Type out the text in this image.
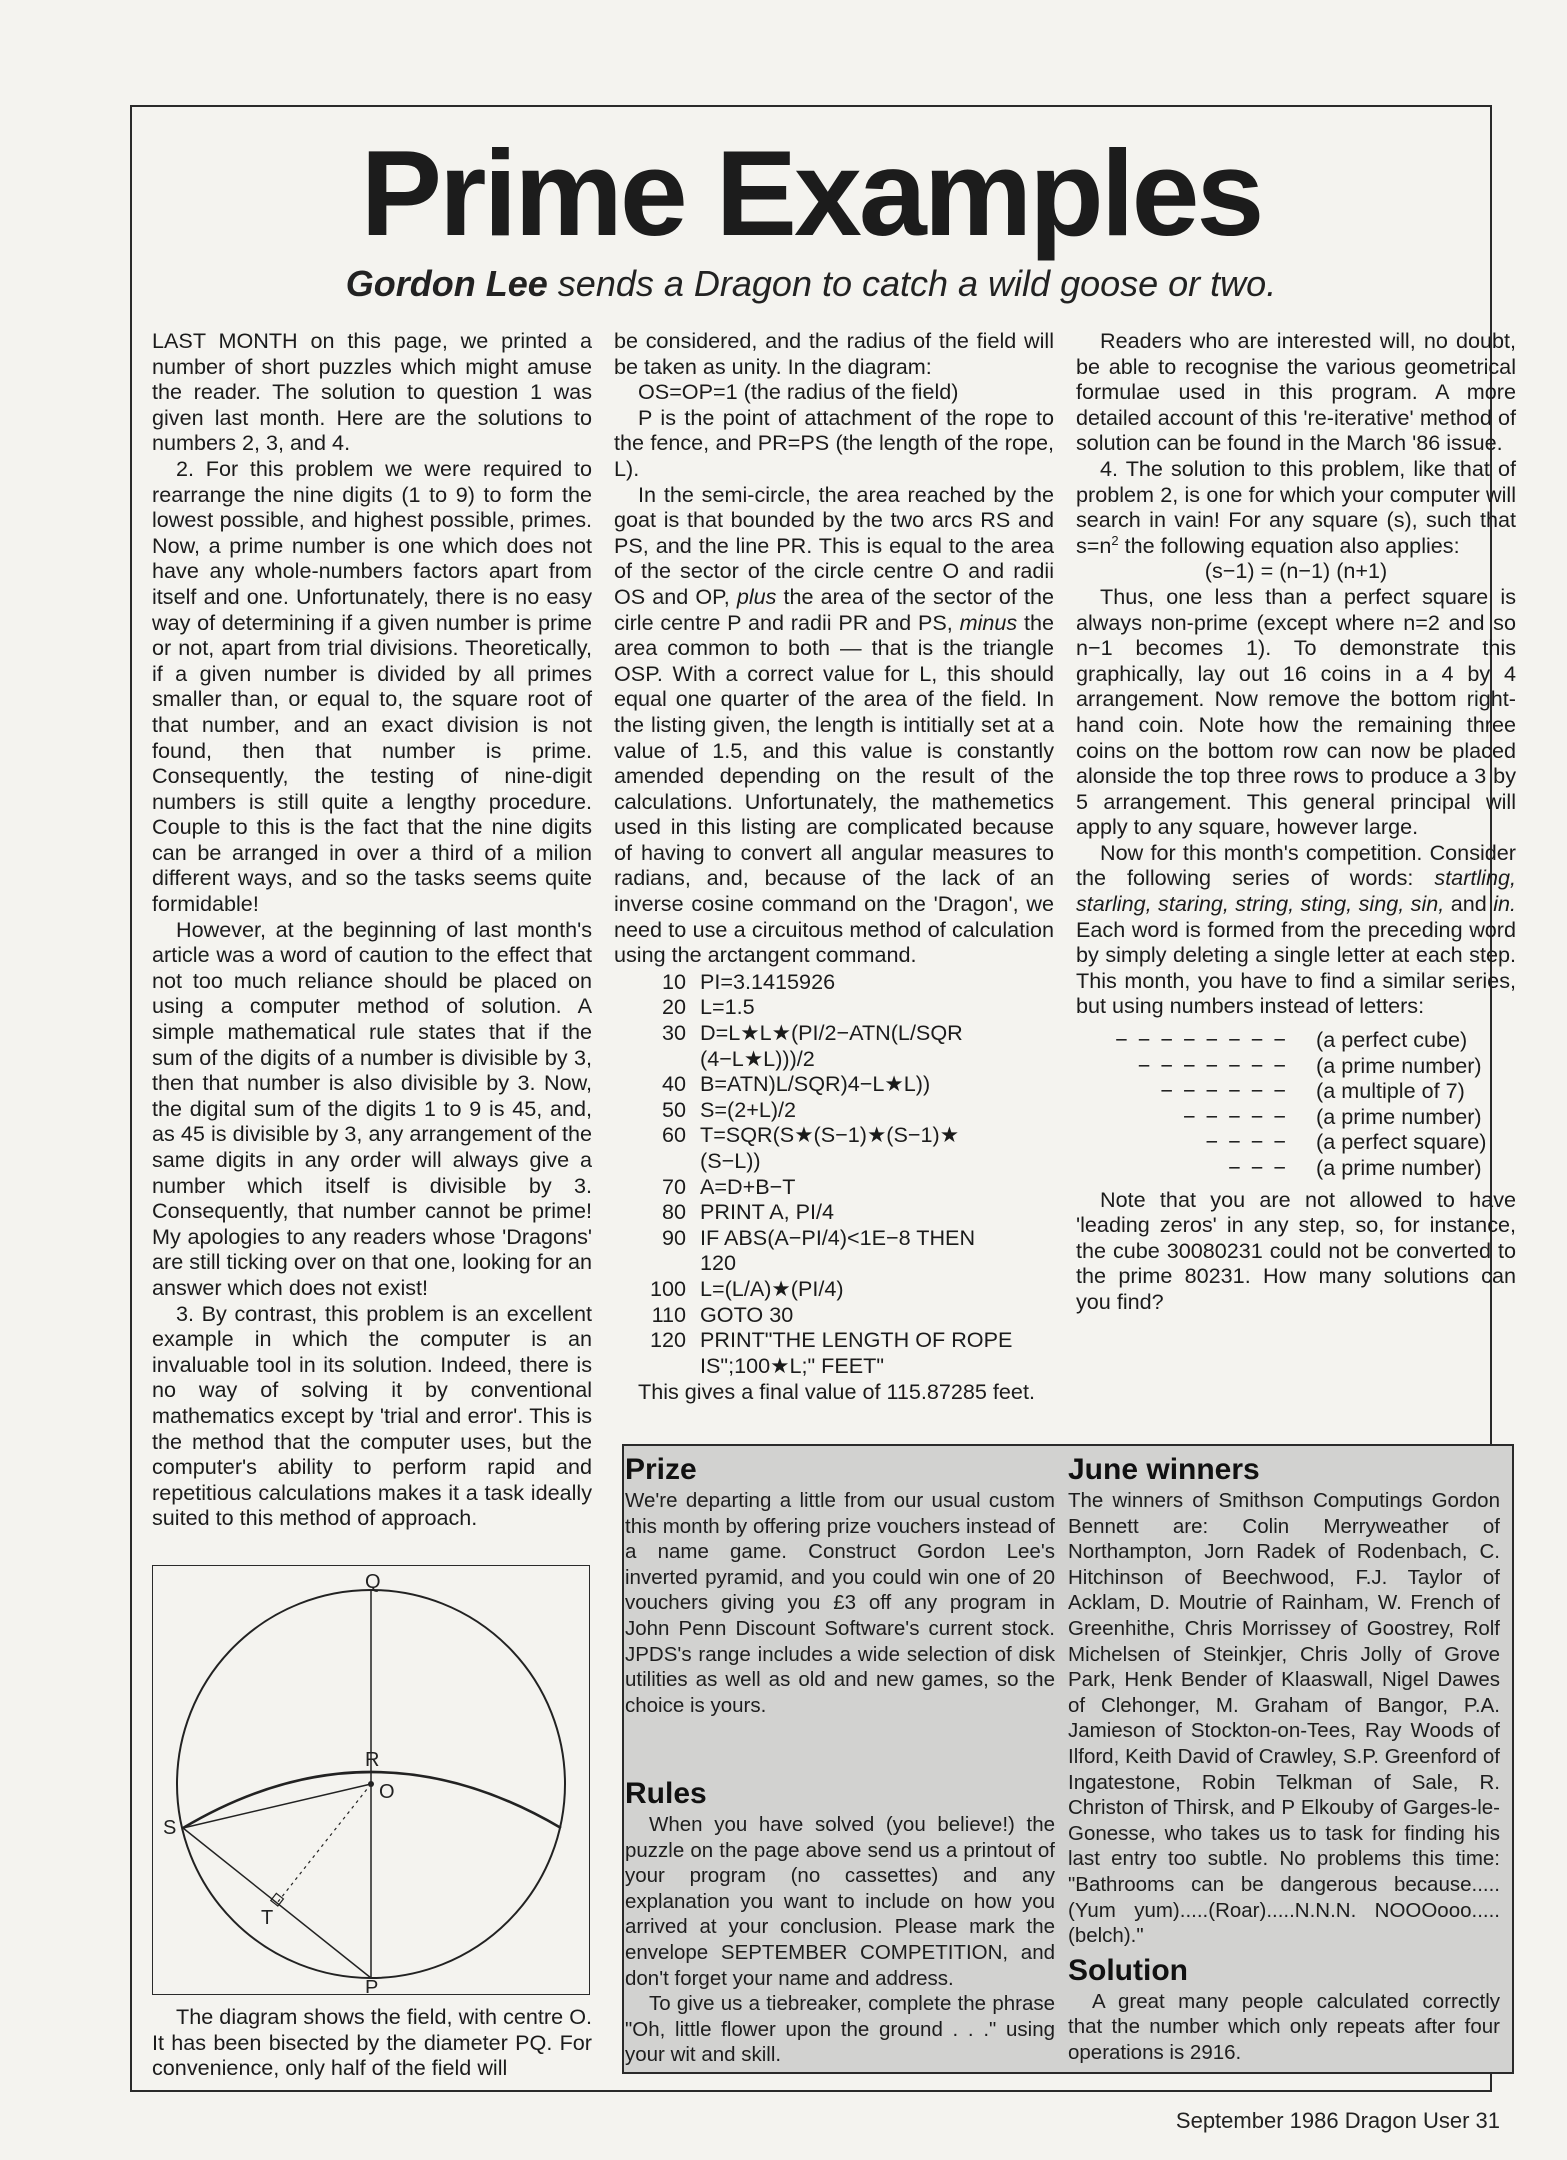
Prime Examples
Gordon Lee sends a Dragon to catch a wild goose or two.

LAST MONTH on this page, we printed a number of short puzzles which might amuse the reader. The solution to question 1 was given last month. Here are the solutions to numbers 2, 3, and 4.

2. For this problem we were required to rearrange the nine digits (1 to 9) to form the lowest possible, and highest possible, primes. Now, a prime number is one which does not have any whole-numbers factors apart from itself and one. Unfortunately, there is no easy way of determining if a given number is prime or not, apart from trial divisions. Theoretically, if a given number is divided by all primes smaller than, or equal to, the square root of that number, and an exact division is not found, then that number is prime. Consequently, the testing of nine-digit numbers is still quite a lengthy procedure. Couple to this is the fact that the nine digits can be arranged in over a third of a milion different ways, and so the tasks seems quite formidable!

However, at the beginning of last month's article was a word of caution to the effect that not too much reliance should be placed on using a computer method of solution. A simple mathematical rule states that if the sum of the digits of a number is divisible by 3, then that number is also divisible by 3. Now, the digital sum of the digits 1 to 9 is 45, and, as 45 is divisible by 3, any arrangement of the same digits in any order will always give a number which itself is divisible by 3. Consequently, that number cannot be prime! My apologies to any readers whose 'Dragons' are still ticking over on that one, looking for an answer which does not exist!

3. By contrast, this problem is an excellent example in which the computer is an invaluable tool in its solution. Indeed, there is no way of solving it by conventional mathematics except by 'trial and error'. This is the method that the computer uses, but the computer's ability to perform rapid and repetitious calculations makes it a task ideally suited to this method of approach.

Q
R
O
S
T
P

The diagram shows the field, with centre O. It has been bisected by the diameter PQ. For convenience, only half of the field will

be considered, and the radius of the field will be taken as unity. In the diagram:

OS=OP=1 (the radius of the field)

P is the point of attachment of the rope to the fence, and PR=PS (the length of the rope, L).

In the semi-circle, the area reached by the goat is that bounded by the two arcs RS and PS, and the line PR. This is equal to the area of the sector of the circle centre O and radii OS and OP, plus the area of the sector of the cirle centre P and radii PR and PS, minus the area common to both — that is the triangle OSP. With a correct value for L, this should equal one quarter of the area of the field. In the listing given, the length is intitially set at a value of 1.5, and this value is constantly amended depending on the result of the calculations. Unfortunately, the mathemetics used in this listing are complicated because of having to convert all angular measures to radians, and, because of the lack of an inverse cosine command on the 'Dragon', we need to use a circuitous method of calculation using the arctangent command.

10 PI=3.1415926
20 L=1.5
30 D=L★L★(PI/2−ATN(L/SQR
(4−L★L)))/2
40 B=ATN)L/SQR)4−L★L))
50 S=(2+L)/2
60 T=SQR(S★(S−1)★(S−1)★
(S−L))
70 A=D+B−T
80 PRINT A, PI/4
90 IF ABS(A−PI/4)<1E−8 THEN
120
100 L=(L/A)★(PI/4)
110 GOTO 30
120 PRINT"THE LENGTH OF ROPE
IS";100★L;" FEET"

This gives a final value of 115.87285 feet.

Readers who are interested will, no doubt, be able to recognise the various geometrical formulae used in this program. A more detailed account of this 're-iterative' method of solution can be found in the March '86 issue.

4. The solution to this problem, like that of problem 2, is one for which your computer will search in vain! For any square (s), such that $s=n^2$ the following equation also applies:

(s−1) = (n−1) (n+1)

Thus, one less than a perfect square is always non-prime (except where n=2 and so n−1 becomes 1). To demonstrate this graphically, lay out 16 coins in a 4 by 4 arrangement. Now remove the bottom right-hand coin. Note how the remaining three coins on the bottom row can now be placed alonside the top three rows to produce a 3 by 5 arrangement. This general principal will apply to any square, however large.

Now for this month's competition. Consider the following series of words: startling, starling, staring, string, sting, sing, sin, and in. Each word is formed from the preceding word by simply deleting a single letter at each step. This month, you have to find a similar series, but using numbers instead of letters:

− − − − − − − −	(a perfect cube)
− − − − − − −	(a prime number)
− − − − − −	(a multiple of 7)
− − − − −	(a prime number)
− − − −	(a perfect square)
− − −	(a prime number)

Note that you are not allowed to have 'leading zeros' in any step, so, for instance, the cube 30080231 could not be converted to the prime 80231. How many solutions can you find?

Prize

We're departing a little from our usual custom this month by offering prize vouchers instead of a name game. Construct Gordon Lee's inverted pyramid, and you could win one of 20 vouchers giving you £3 off any program in John Penn Discount Software's current stock. JPDS's range includes a wide selection of disk utilities as well as old and new games, so the choice is yours.

Rules

When you have solved (you believe!) the puzzle on the page above send us a printout of your program (no cassettes) and any explanation you want to include on how you arrived at your conclusion. Please mark the envelope SEPTEMBER COMPETITION, and don't forget your name and address.

To give us a tiebreaker, complete the phrase "Oh, little flower upon the ground . . ." using your wit and skill.

June winners

The winners of Smithson Computings Gordon Bennett are: Colin Merryweather of Northampton, Jorn Radek of Rodenbach, C. Hitchinson of Beechwood, F.J. Taylor of Acklam, D. Moutrie of Rainham, W. French of Greenhithe, Chris Morrissey of Goostrey, Rolf Michelsen of Steinkjer, Chris Jolly of Grove Park, Henk Bender of Klaaswall, Nigel Dawes of Clehonger, M. Graham of Bangor, P.A. Jamieson of Stockton-on-Tees, Ray Woods of Ilford, Keith David of Crawley, S.P. Greenford of Ingatestone, Robin Telkman of Sale, R. Christon of Thirsk, and P Elkouby of Garges-le-Gonesse, who takes us to task for finding his last entry too subtle. No problems this time: "Bathrooms can be dangerous because.....(Yum yum).....(Roar).....N.N.N. NOOOooo.....(belch)."

Solution

A great many people calculated correctly that the number which only repeats after four operations is 2916.

September 1986 Dragon User 31
